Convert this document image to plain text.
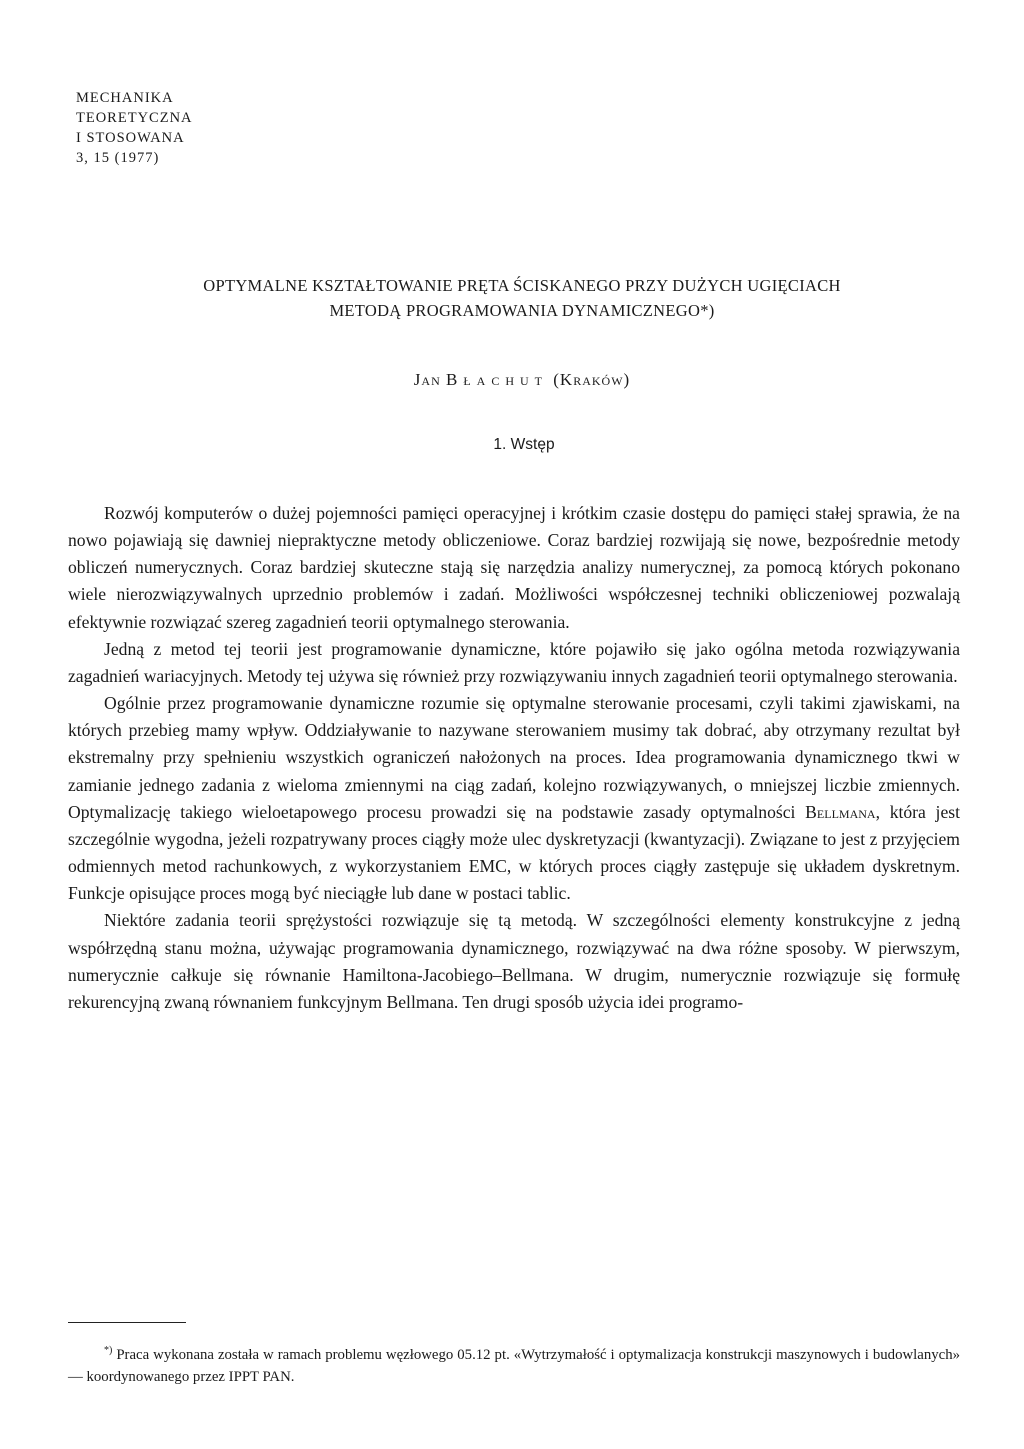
MECHANIKA
TEORETYCZNA
I STOSOWANA
3, 15 (1977)
OPTYMALNE KSZTAŁTOWANIE PRĘTA ŚCISKANEGO PRZY DUŻYCH UGIĘCIACH
METODĄ PROGRAMOWANIA DYNAMICZNEGO*)
Jan Błachut (Kraków)
1. Wstęp

Rozwój komputerów o dużej pojemności pamięci operacyjnej i krótkim czasie dostępu do pamięci stałej sprawia, że na nowo pojawiają się dawniej niepraktyczne metody obliczeniowe. Coraz bardziej rozwijają się nowe, bezpośrednie metody obliczeń numerycznych. Coraz bardziej skuteczne stają się narzędzia analizy numerycznej, za pomocą których pokonano wiele nierozwiązywalnych uprzednio problemów i zadań. Możliwości współczesnej techniki obliczeniowej pozwalają efektywnie rozwiązać szereg zagadnień teorii optymalnego sterowania.

Jedną z metod tej teorii jest programowanie dynamiczne, które pojawiło się jako ogólna metoda rozwiązywania zagadnień wariacyjnych. Metody tej używa się również przy rozwiązywaniu innych zagadnień teorii optymalnego sterowania.

Ogólnie przez programowanie dynamiczne rozumie się optymalne sterowanie procesami, czyli takimi zjawiskami, na których przebieg mamy wpływ. Oddziaływanie to nazywane sterowaniem musimy tak dobrać, aby otrzymany rezultat był ekstremalny przy spełnieniu wszystkich ograniczeń nałożonych na proces. Idea programowania dynamicznego tkwi w zamianie jednego zadania z wieloma zmiennymi na ciąg zadań, kolejno rozwiązywanych, o mniejszej liczbie zmiennych. Optymalizację takiego wieloetapowego procesu prowadzi się na podstawie zasady optymalności Bellmana, która jest szczególnie wygodna, jeżeli rozpatrywany proces ciągły może ulec dyskretyzacji (kwantyzacji). Związane to jest z przyjęciem odmiennych metod rachunkowych, z wykorzystaniem EMC, w których proces ciągły zastępuje się układem dyskretnym. Funkcje opisujące proces mogą być nieciągłe lub dane w postaci tablic.

Niektóre zadania teorii sprężystości rozwiązuje się tą metodą. W szczególności elementy konstrukcyjne z jedną współrzędną stanu można, używając programowania dynamicznego, rozwiązywać na dwa różne sposoby. W pierwszym, numerycznie całkuje się równanie Hamiltona-Jacobiego–Bellmana. W drugim, numerycznie rozwiązuje się formułę rekurencyjną zwaną równaniem funkcyjnym Bellmana. Ten drugi sposób użycia idei programo-

*) Praca wykonana została w ramach problemu węzłowego 05.12 pt. «Wytrzymałość i optymalizacja konstrukcji maszynowych i budowlanych» — koordynowanego przez IPPT PAN.
